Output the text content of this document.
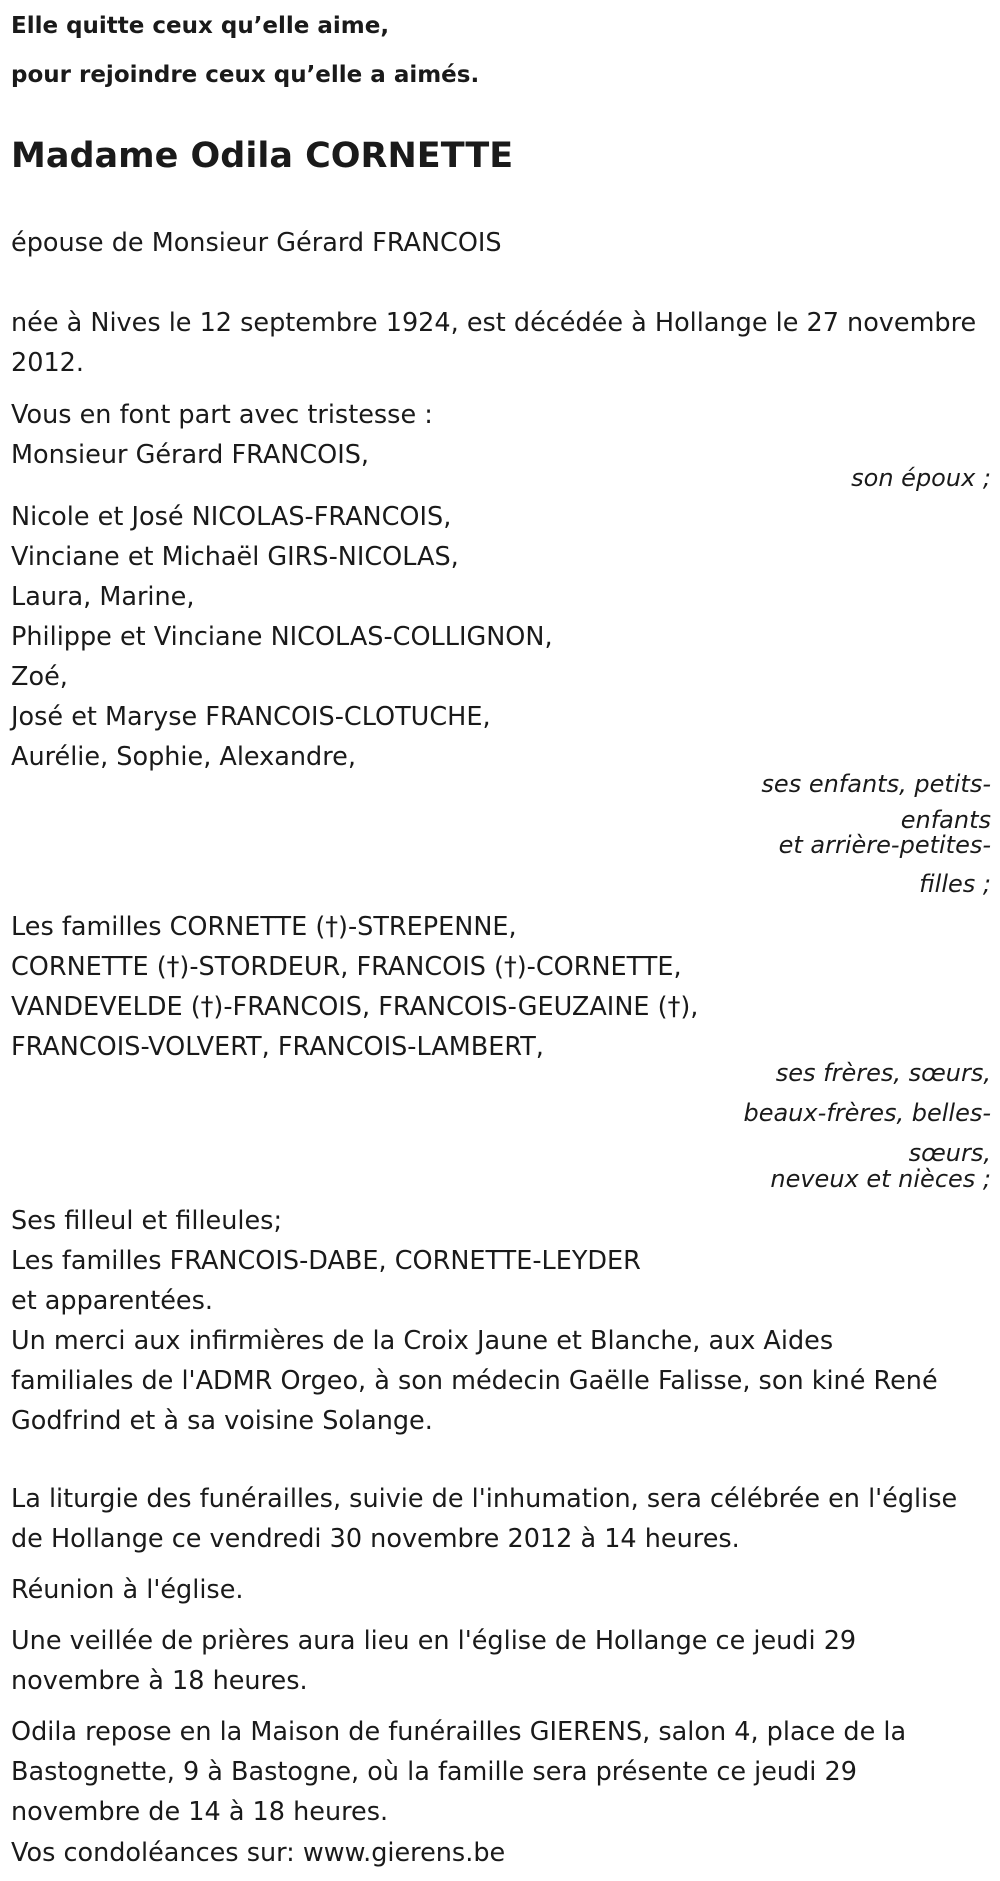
Elle quitte ceux qu’elle aime,
pour rejoindre ceux qu’elle a aimés.
Madame Odila CORNETTE
épouse de Monsieur Gérard FRANCOIS
née à Nives le 12 septembre 1924, est décédée à Hollange le 27 novembre
2012.
Vous en font part avec tristesse :
Monsieur Gérard FRANCOIS,
son époux ;
Nicole et José NICOLAS-FRANCOIS,
Vinciane et Michaël GIRS-NICOLAS,
Laura, Marine,
Philippe et Vinciane NICOLAS-COLLIGNON,
Zoé,
José et Maryse FRANCOIS-CLOTUCHE,
Aurélie, Sophie, Alexandre,
ses enfants, petits-
enfants
et arrière-petites-
filles ;
Les familles CORNETTE (†)-STREPENNE,
CORNETTE (†)-STORDEUR, FRANCOIS (†)-CORNETTE,
VANDEVELDE (†)-FRANCOIS, FRANCOIS-GEUZAINE (†),
FRANCOIS-VOLVERT, FRANCOIS-LAMBERT,
ses frères, sœurs,
beaux-frères, belles-
sœurs,
neveux et nièces ;
Ses filleul et filleules;
Les familles FRANCOIS-DABE, CORNETTE-LEYDER
et apparentées.
Un merci aux infirmières de la Croix Jaune et Blanche, aux Aides
familiales de l'ADMR Orgeo, à son médecin Gaëlle Falisse, son kiné René
Godfrind et à sa voisine Solange.
La liturgie des funérailles, suivie de l'inhumation, sera célébrée en l'église
de Hollange ce vendredi 30 novembre 2012 à 14 heures.
Réunion à l'église.
Une veillée de prières aura lieu en l'église de Hollange ce jeudi 29
novembre à 18 heures.
Odila repose en la Maison de funérailles GIERENS, salon 4, place de la
Bastognette, 9 à Bastogne, où la famille sera présente ce jeudi 29
novembre de 14 à 18 heures.
Vos condoléances sur: www.gierens.be
